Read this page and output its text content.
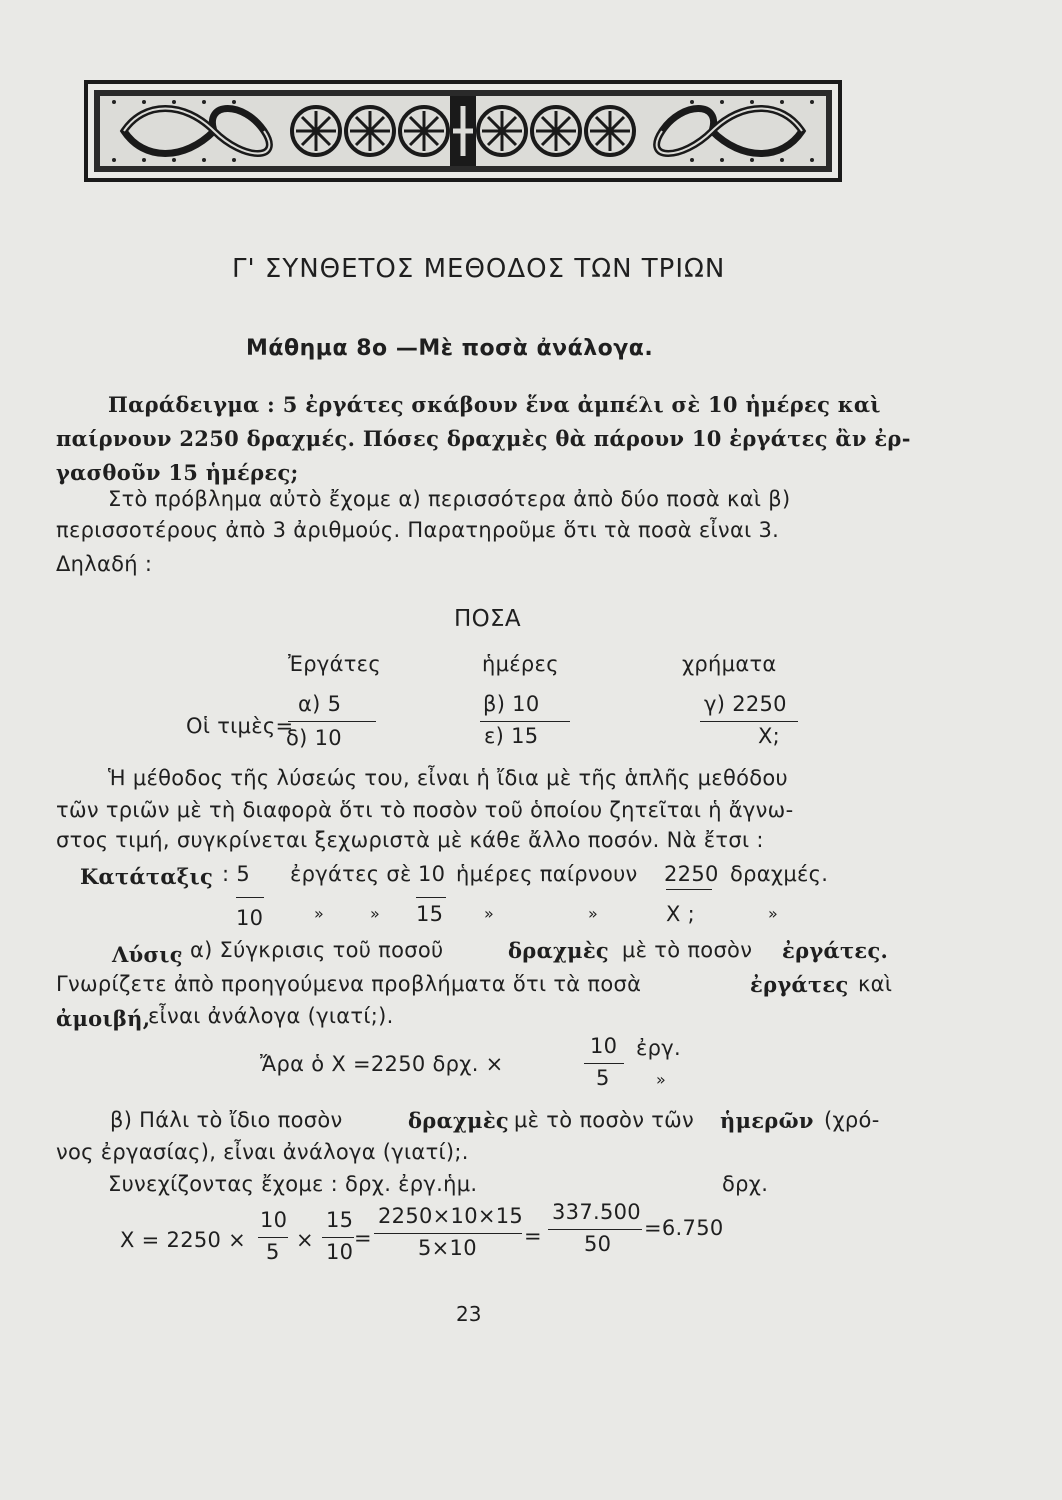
Γ' ΣΥΝΘΕΤΟΣ ΜΕΘΟΔΟΣ ΤΩΝ ΤΡΙΩΝ
Μάθημα 8ο —Μὲ ποσὰ ἀνάλογα.
Παράδειγμα : 5 ἐργάτες σκάβουν ἕνα ἀμπέλι σὲ 10 ἡμέρες καὶ
παίρνουν 2250 δραχμές. Πόσες δραχμὲς θὰ πάρουν 10 ἐργάτες ἂν ἐρ-
γασθοῦν 15 ἡμέρες;
Στὸ πρόβλημα αὐτὸ ἔχομε α) περισσότερα ἀπὸ δύο ποσὰ καὶ β)
περισσοτέρους ἀπὸ 3 ἀριθμούς. Παρατηροῦμε ὅτι τὰ ποσὰ εἶναι 3.
Δηλαδή :
ΠΟΣΑ
Ἐργάτες	ἡμέρες	χρήματα
Οἱ τιμὲς=
α) 5	β) 10	γ) 2250
δ) 10	ε) 15	Χ;
Ἡ μέθοδος τῆς λύσεώς του, εἶναι ἡ ἴδια μὲ τῆς ἁπλῆς μεθόδου
τῶν τριῶν μὲ τὴ διαφορὰ ὅτι τὸ ποσὸν τοῦ ὁποίου ζητεῖται ἡ ἄγνω-
στος τιμή, συγκρίνεται ξεχωριστὰ μὲ κάθε ἄλλο ποσόν. Νὰ ἔτσι :
Κατάταξις : 5 ἐργάτες σὲ 10 ἡμέρες παίρνουν 2250 δραχμές.
10	»	» 15	»	»	Χ ;	»
Λύσις
. α) Σύγκρισις τοῦ ποσοῦ	δραχμὲς μὲ τὸ ποσὸν ἐργάτες.
Γνωρίζετε ἀπὸ προηγούμενα προβλήματα ὅτι τὰ ποσὰ	ἐργάτες καὶ
ἀμοιβή,
εἶναι ἀνάλογα (γιατί;).
Ἄρα ὁ Χ =2250 δρχ. ×
10
5
ἐργ.
»
β) Πάλι τὸ ἴδιο ποσὸν	δραχμὲς μὲ τὸ ποσὸν τῶν ἡμερῶν (χρό-
νος ἐργασίας), εἶναι ἀνάλογα (γιατί);.
Συνεχίζοντας ἔχομε : δρχ. ἐργ.ἡμ.	δρχ.
Χ = 2250 ×
10
5 ×
15
10
=
2250×10×15
5×10 =
337.500
50
=6.750
23
